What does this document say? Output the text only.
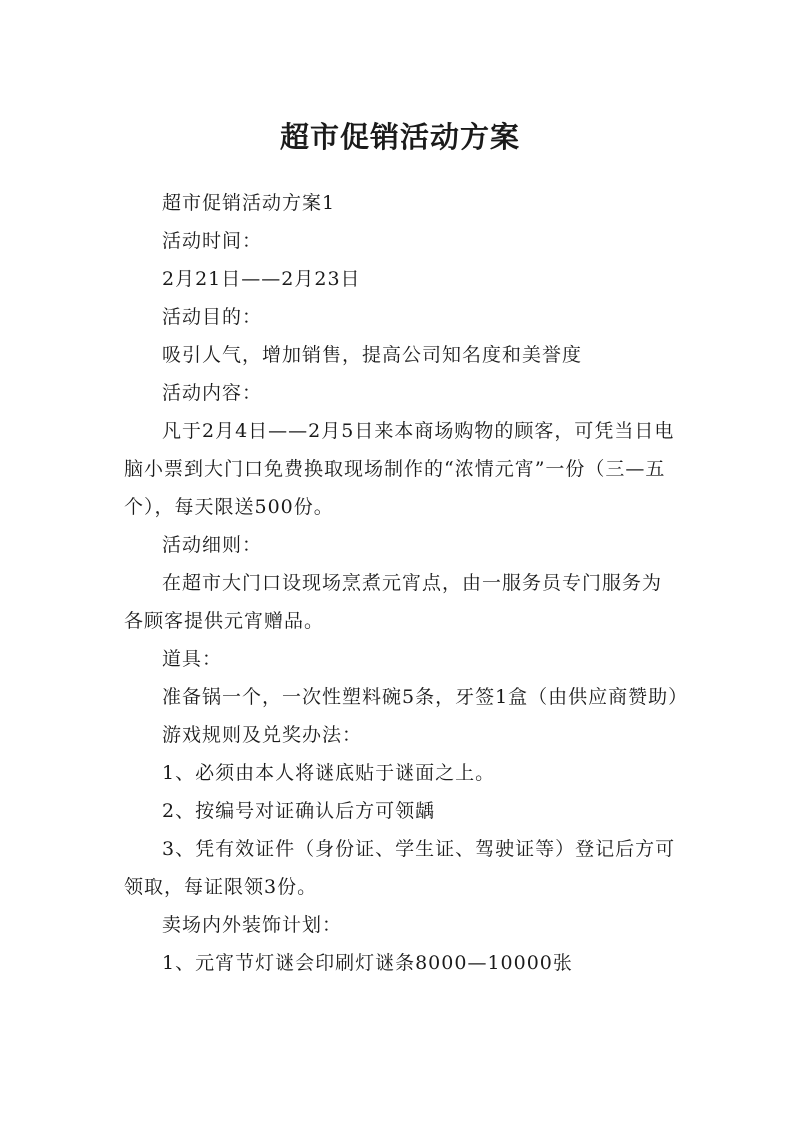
超市促销活动方案

超市促销活动方案1

活动时间：

2月21日——2月23日

活动目的：

吸引人气，增加销售，提高公司知名度和美誉度

活动内容：

凡于2月4日——2月5日来本商场购物的顾客，可凭当日电脑小票到大门口免费换取现场制作的“浓情元宵”一份（三—五个），每天限送500份。

活动细则：

在超市大门口设现场烹煮元宵点，由一服务员专门服务为各顾客提供元宵赠品。

道具：

准备锅一个，一次性塑料碗5条，牙签1盒（由供应商赞助）

游戏规则及兑奖办法：

1、必须由本人将谜底贴于谜面之上。

2、按编号对证确认后方可领龋

3、凭有效证件（身份证、学生证、驾驶证等）登记后方可领取，每证限领3份。

卖场内外装饰计划：

1、元宵节灯谜会印刷灯谜条8000—10000张
